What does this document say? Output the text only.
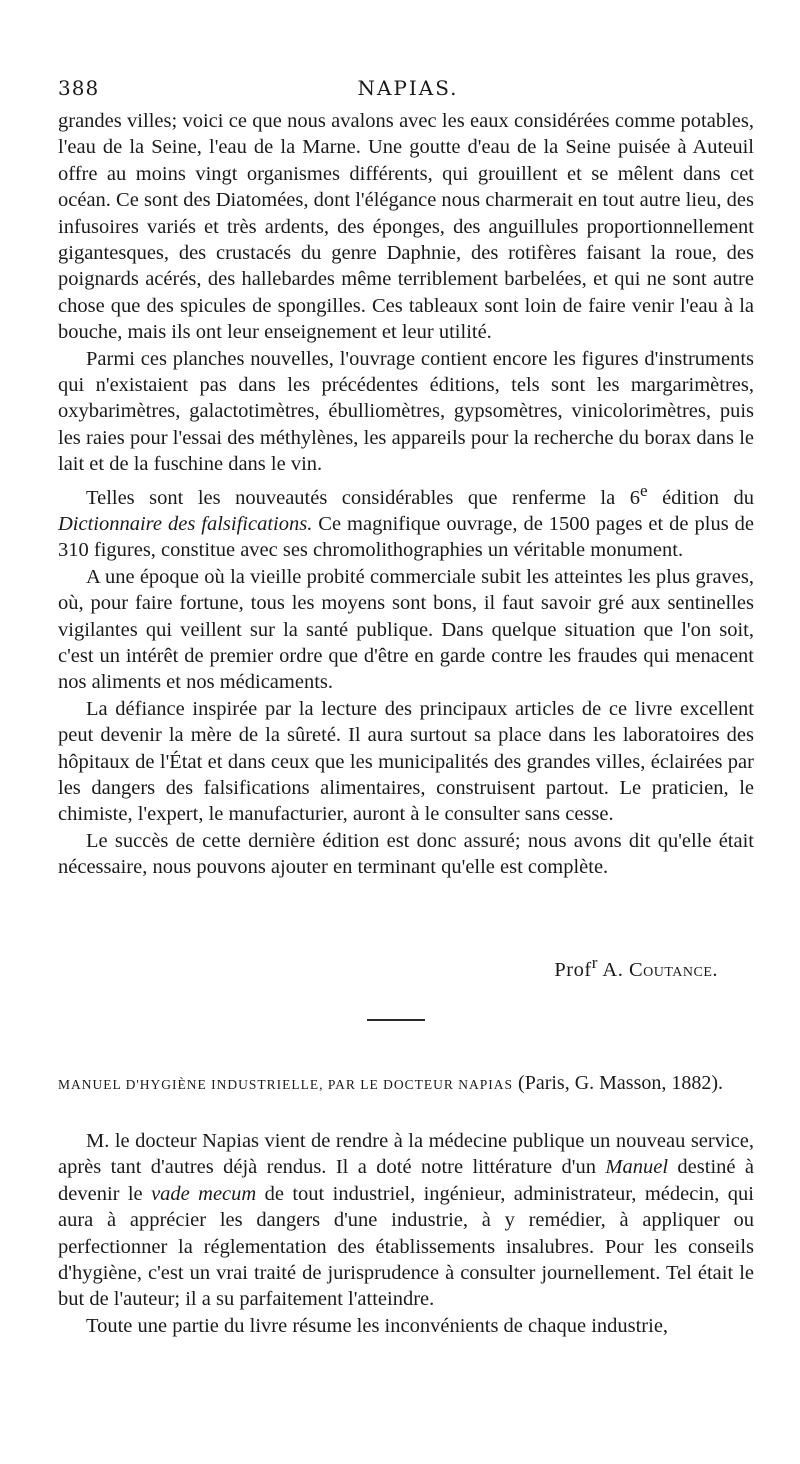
388	NAPIAS.

grandes villes; voici ce que nous avalons avec les eaux considérées comme potables, l'eau de la Seine, l'eau de la Marne. Une goutte d'eau de la Seine puisée à Auteuil offre au moins vingt organismes différents, qui grouillent et se mêlent dans cet océan. Ce sont des Diatomées, dont l'élégance nous charmerait en tout autre lieu, des infusoires variés et très ardents, des éponges, des anguillules proportionnellement gigantesques, des crustacés du genre Daphnie, des rotifères faisant la roue, des poignards acérés, des hallebardes même terriblement barbelées, et qui ne sont autre chose que des spicules de spongilles. Ces tableaux sont loin de faire venir l'eau à la bouche, mais ils ont leur enseignement et leur utilité.

Parmi ces planches nouvelles, l'ouvrage contient encore les figures d'instruments qui n'existaient pas dans les précédentes éditions, tels sont les margarimètres, oxybarimètres, galactotimètres, ébulliomètres, gypsomètres, vinicolorimètres, puis les raies pour l'essai des méthylènes, les appareils pour la recherche du borax dans le lait et de la fuschine dans le vin.

Telles sont les nouveautés considérables que renferme la 6e édition du Dictionnaire des falsifications. Ce magnifique ouvrage, de 1500 pages et de plus de 310 figures, constitue avec ses chromolithographies un véritable monument.

A une époque où la vieille probité commerciale subit les atteintes les plus graves, où, pour faire fortune, tous les moyens sont bons, il faut savoir gré aux sentinelles vigilantes qui veillent sur la santé publique. Dans quelque situation que l'on soit, c'est un intérêt de premier ordre que d'être en garde contre les fraudes qui menacent nos aliments et nos médicaments.

La défiance inspirée par la lecture des principaux articles de ce livre excellent peut devenir la mère de la sûreté. Il aura surtout sa place dans les laboratoires des hôpitaux de l'État et dans ceux que les municipalités des grandes villes, éclairées par les dangers des falsifications alimentaires, construisent partout. Le praticien, le chimiste, l'expert, le manufacturier, auront à le consulter sans cesse.

Le succès de cette dernière édition est donc assuré; nous avons dit qu'elle était nécessaire, nous pouvons ajouter en terminant qu'elle est complète.

Prof$^r$ A. Coutance.
MANUEL D'HYGIÈNE INDUSTRIELLE, PAR LE DOCTEUR NAPIAS (Paris, G. Masson, 1882).

M. le docteur Napias vient de rendre à la médecine publique un nouveau service, après tant d'autres déjà rendus. Il a doté notre littérature d'un Manuel destiné à devenir le vade mecum de tout industriel, ingénieur, administrateur, médecin, qui aura à apprécier les dangers d'une industrie, à y remédier, à appliquer ou perfectionner la réglementation des établissements insalubres. Pour les conseils d'hygiène, c'est un vrai traité de jurisprudence à consulter journellement. Tel était le but de l'auteur; il a su parfaitement l'atteindre.

Toute une partie du livre résume les inconvénients de chaque industrie,
